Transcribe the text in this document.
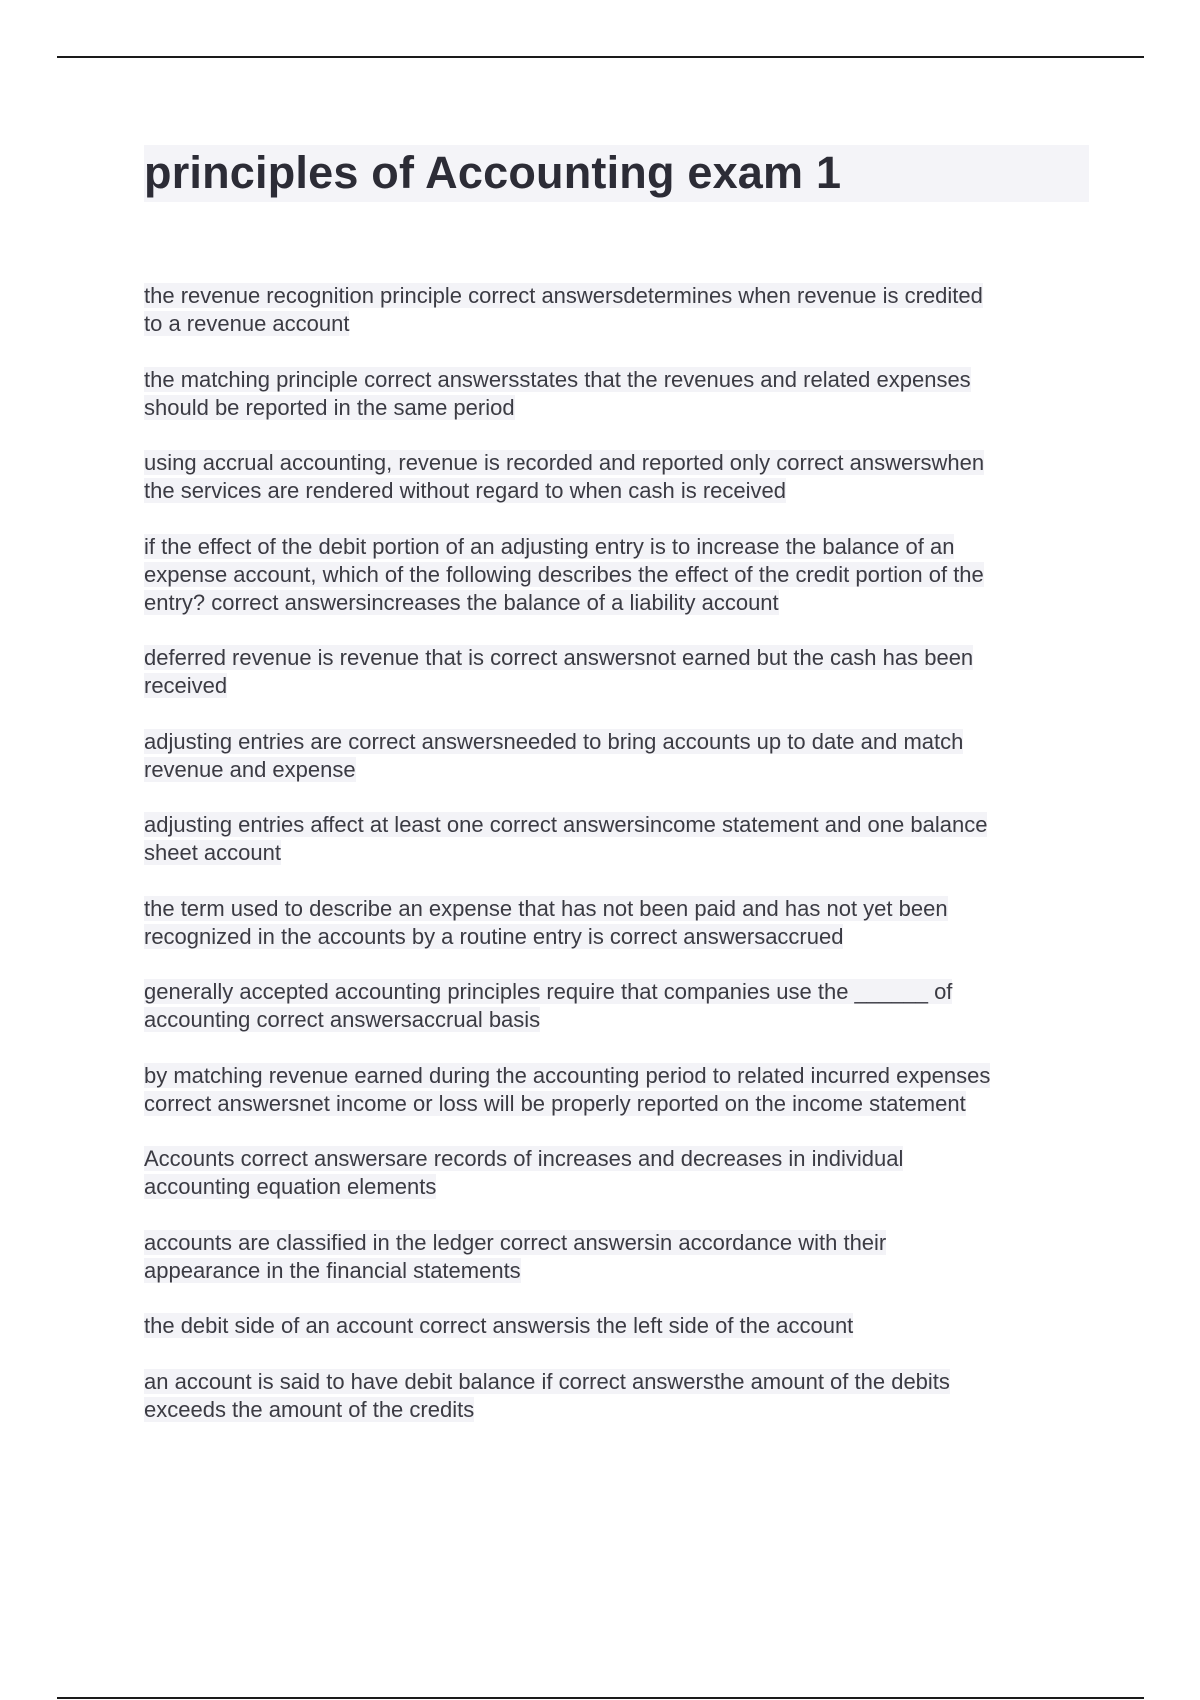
principles of Accounting exam 1
the revenue recognition principle correct answersdetermines when revenue is credited
to a revenue account
the matching principle correct answersstates that the revenues and related expenses
should be reported in the same period
using accrual accounting, revenue is recorded and reported only correct answerswhen
the services are rendered without regard to when cash is received
if the effect of the debit portion of an adjusting entry is to increase the balance of an
expense account, which of the following describes the effect of the credit portion of the
entry? correct answersincreases the balance of a liability account
deferred revenue is revenue that is correct answersnot earned but the cash has been
received
adjusting entries are correct answersneeded to bring accounts up to date and match
revenue and expense
adjusting entries affect at least one correct answersincome statement and one balance
sheet account
the term used to describe an expense that has not been paid and has not yet been
recognized in the accounts by a routine entry is correct answersaccrued
generally accepted accounting principles require that companies use the ______ of
accounting correct answersaccrual basis
by matching revenue earned during the accounting period to related incurred expenses
correct answersnet income or loss will be properly reported on the income statement
Accounts correct answersare records of increases and decreases in individual
accounting equation elements
accounts are classified in the ledger correct answersin accordance with their
appearance in the financial statements
the debit side of an account correct answersis the left side of the account
an account is said to have debit balance if correct answersthe amount of the debits
exceeds the amount of the credits
